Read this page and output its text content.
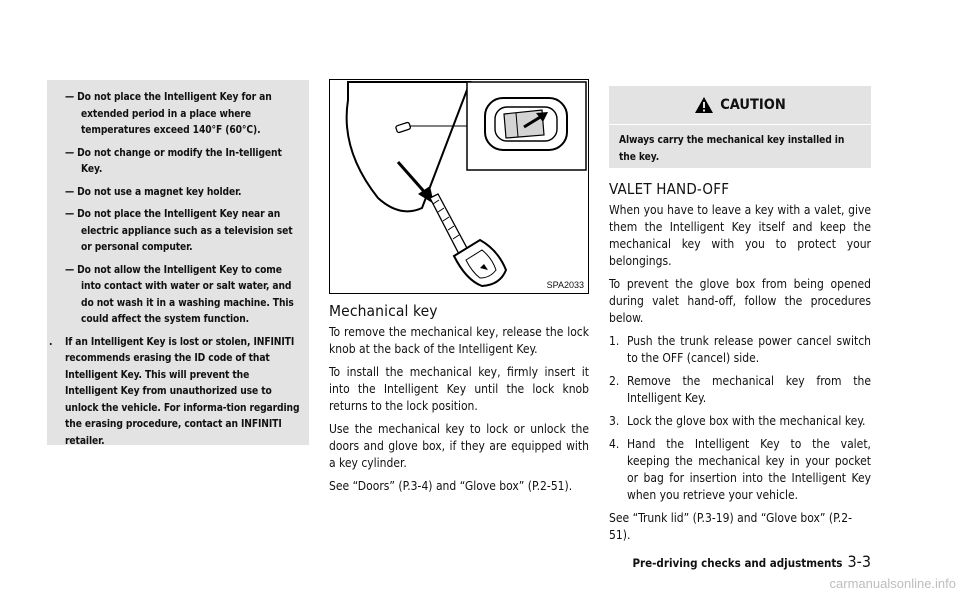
— Do not place the Intelligent Key for an extended period in a place where temperatures exceed 140°F (60°C).
— Do not change or modify the In-telligent Key.
— Do not use a magnet key holder.
— Do not place the Intelligent Key near an electric appliance such as a television set or personal computer.
— Do not allow the Intelligent Key to come into contact with water or salt water, and do not wash it in a washing machine. This could affect the system function.
. If an Intelligent Key is lost or stolen, INFINITI recommends erasing the ID code of that Intelligent Key. This will prevent the Intelligent Key from unauthorized use to unlock the vehicle. For informa-tion regarding the erasing procedure, contact an INFINITI retailer.
SPA2033
Mechanical key

To remove the mechanical key, release the lock knob at the back of the Intelligent Key.

To install the mechanical key, firmly insert it into the Intelligent Key until the lock knob returns to the lock position.

Use the mechanical key to lock or unlock the doors and glove box, if they are equipped with a key cylinder.

See “Doors” (P.3-4) and “Glove box” (P.2-51).

CAUTION
Always carry the mechanical key installed in the key.
VALET HAND-OFF

When you have to leave a key with a valet, give them the Intelligent Key itself and keep the mechanical key with you to protect your belongings.

To prevent the glove box from being opened during valet hand-off, follow the procedures below.

1. Push the trunk release power cancel switch to the OFF (cancel) side.
2. Remove the mechanical key from the Intelligent Key.
3. Lock the glove box with the mechanical key.
4. Hand the Intelligent Key to the valet, keeping the mechanical key in your pocket or bag for insertion into the Intelligent Key when you retrieve your vehicle.

See “Trunk lid” (P.3-19) and “Glove box” (P.2-51).

Pre-driving checks and adjustments 3-3
carmanualsonline.info
